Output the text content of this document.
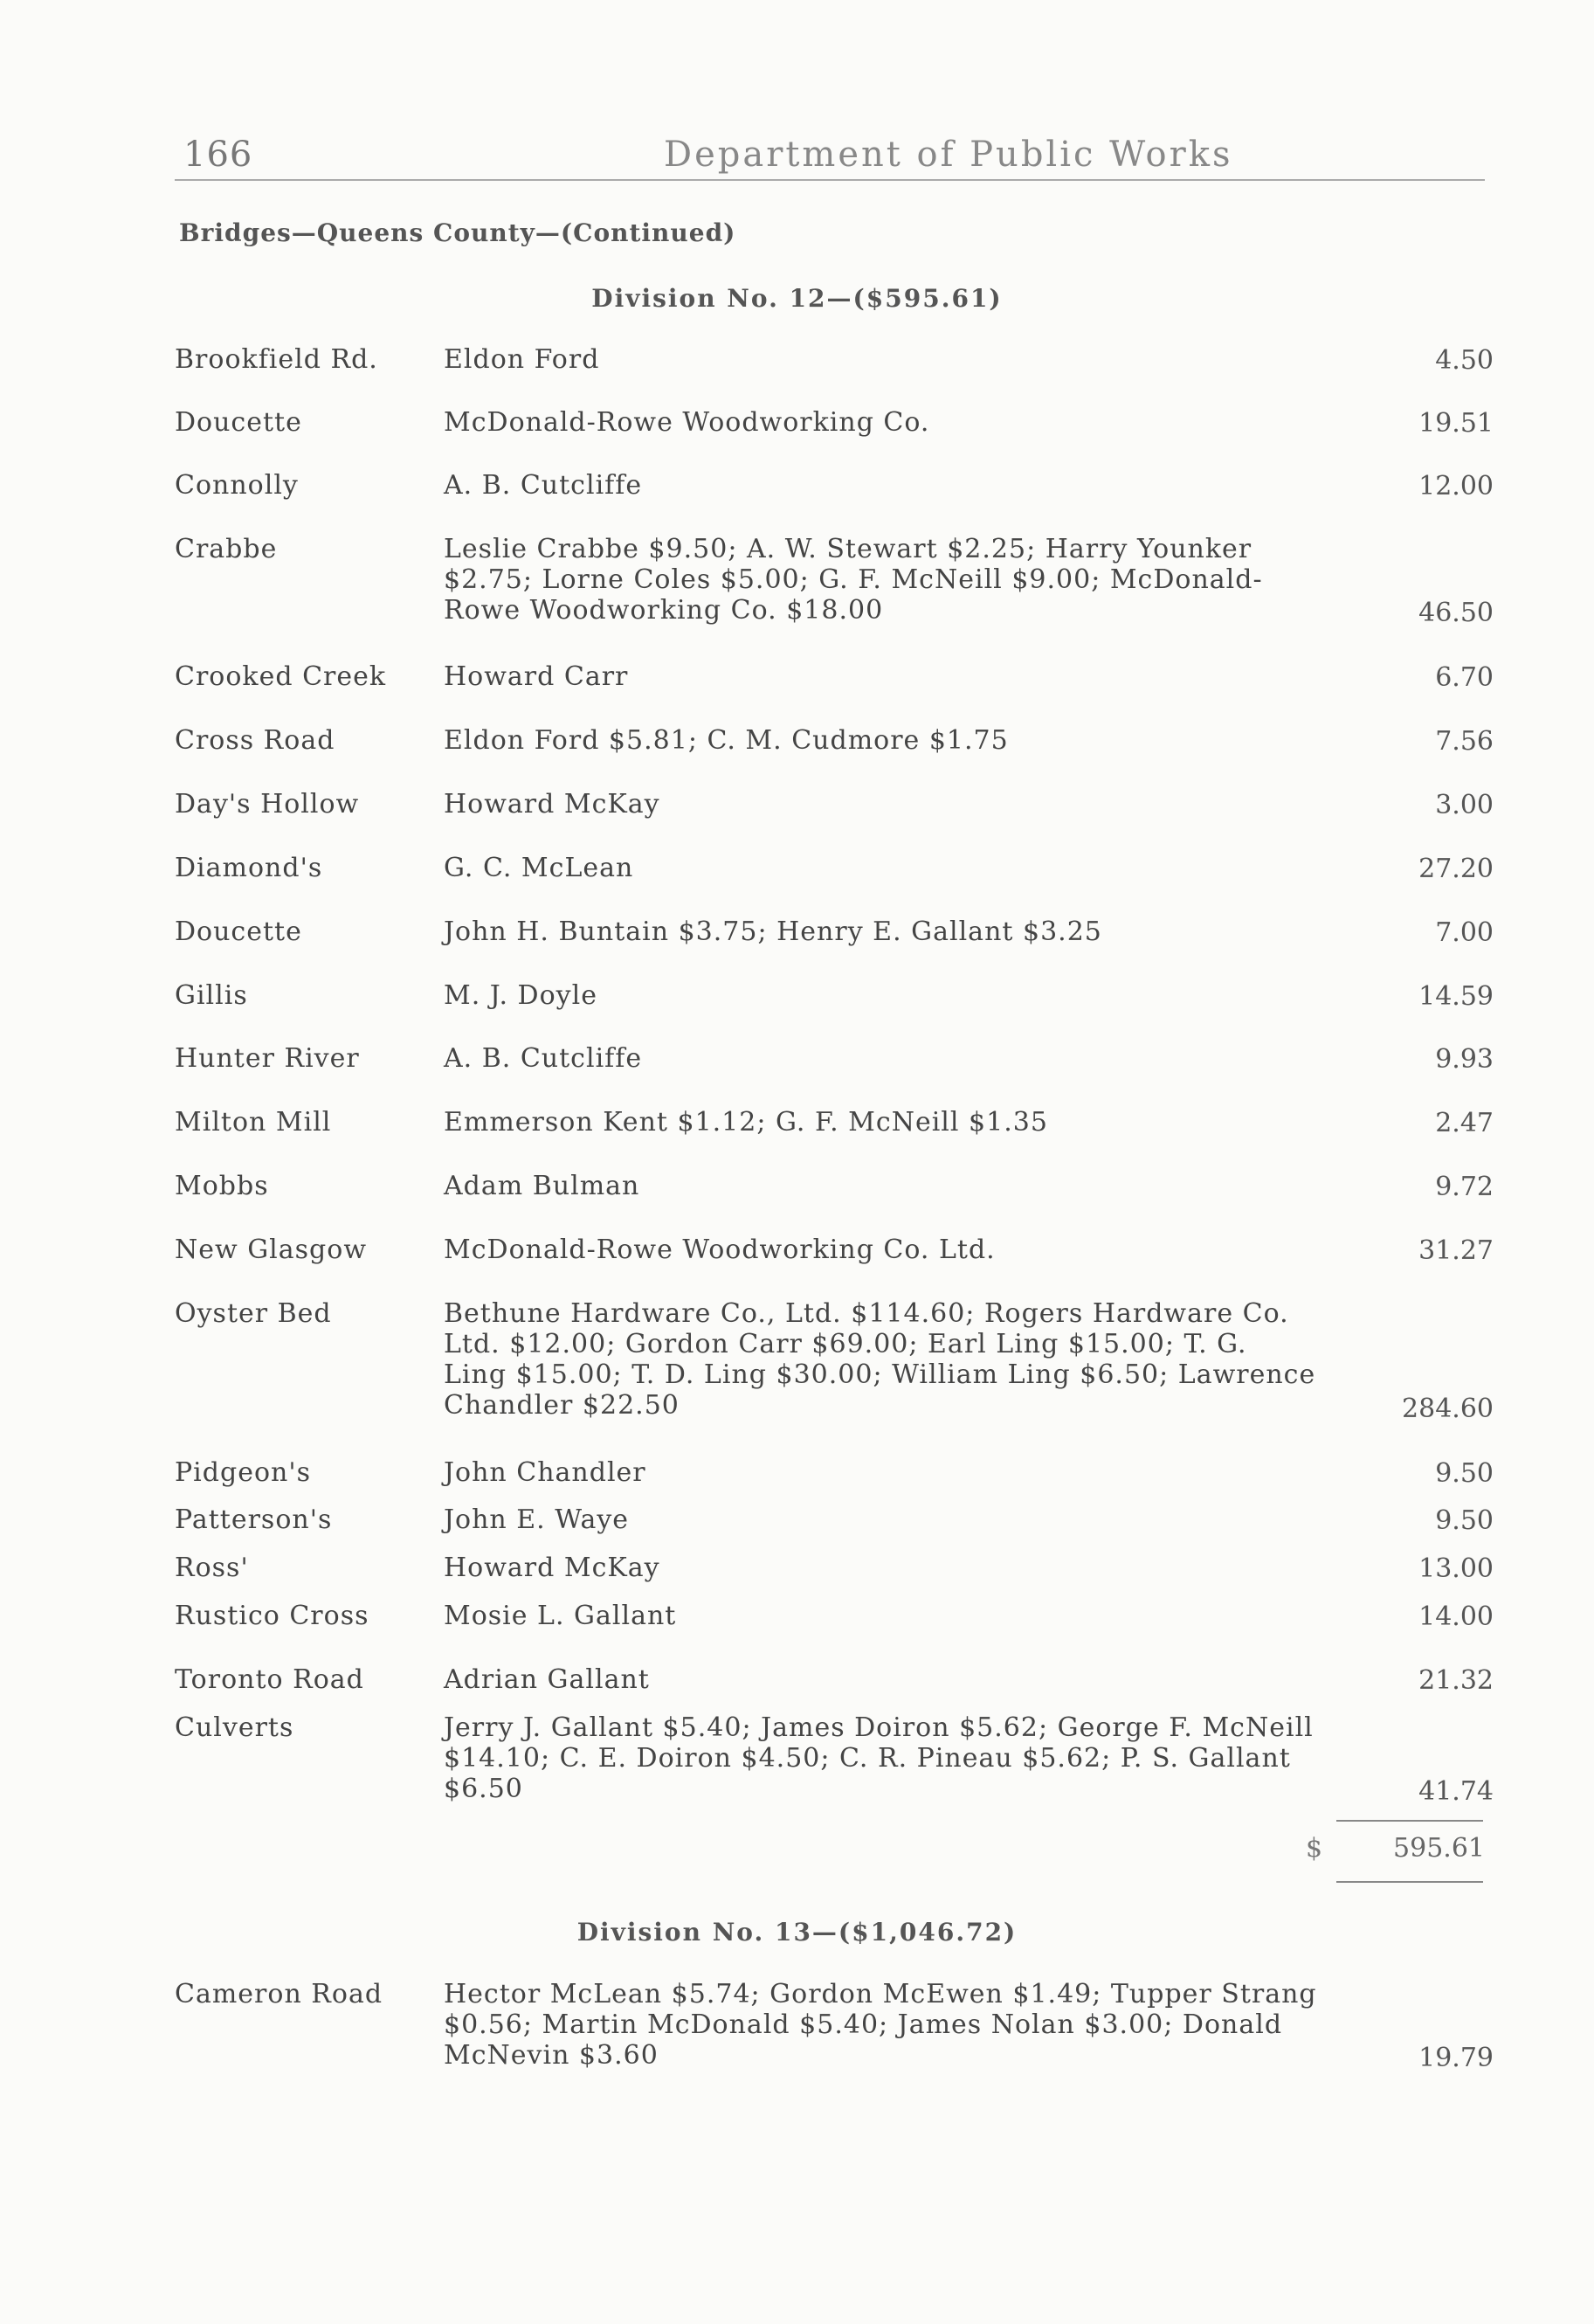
166	Department of Public Works
Bridges—Queens County—(Continued)
Division No. 12—($595.61)
Brookfield Rd.	Eldon Ford	4.50
Doucette	McDonald-Rowe Woodworking Co.	19.51
Connolly	A. B. Cutcliffe	12.00
Crabbe	Leslie Crabbe $9.50; A. W. Stewart $2.25; Harry Younker $2.75; Lorne Coles $5.00; G. F. McNeill $9.00; McDonald-Rowe Woodworking Co. $18.00	46.50
Crooked Creek	Howard Carr	6.70
Cross Road	Eldon Ford $5.81; C. M. Cudmore $1.75	7.56
Day's Hollow	Howard McKay	3.00
Diamond's	G. C. McLean	27.20
Doucette	John H. Buntain $3.75; Henry E. Gallant $3.25	7.00
Gillis	M. J. Doyle	14.59
Hunter River	A. B. Cutcliffe	9.93
Milton Mill	Emmerson Kent $1.12; G. F. McNeill $1.35	2.47
Mobbs	Adam Bulman	9.72
New Glasgow	McDonald-Rowe Woodworking Co. Ltd.	31.27
Oyster Bed	Bethune Hardware Co., Ltd. $114.60; Rogers Hardware Co. Ltd. $12.00; Gordon Carr $69.00; Earl Ling $15.00; T. G. Ling $15.00; T. D. Ling $30.00; William Ling $6.50; Lawrence Chandler $22.50	284.60
Pidgeon's	John Chandler	9.50
Patterson's	John E. Waye	9.50
Ross'	Howard McKay	13.00
Rustico Cross	Mosie L. Gallant	14.00
Toronto Road	Adrian Gallant	21.32
Culverts	Jerry J. Gallant $5.40; James Doiron $5.62; George F. McNeill $14.10; C. E. Doiron $4.50; C. R. Pineau $5.62; P. S. Gallant $6.50	41.74
$	595.61
Division No. 13—($1,046.72)
Cameron Road	Hector McLean $5.74; Gordon McEwen $1.49; Tupper Strang $0.56; Martin McDonald $5.40; James Nolan $3.00; Donald McNevin $3.60	19.79
